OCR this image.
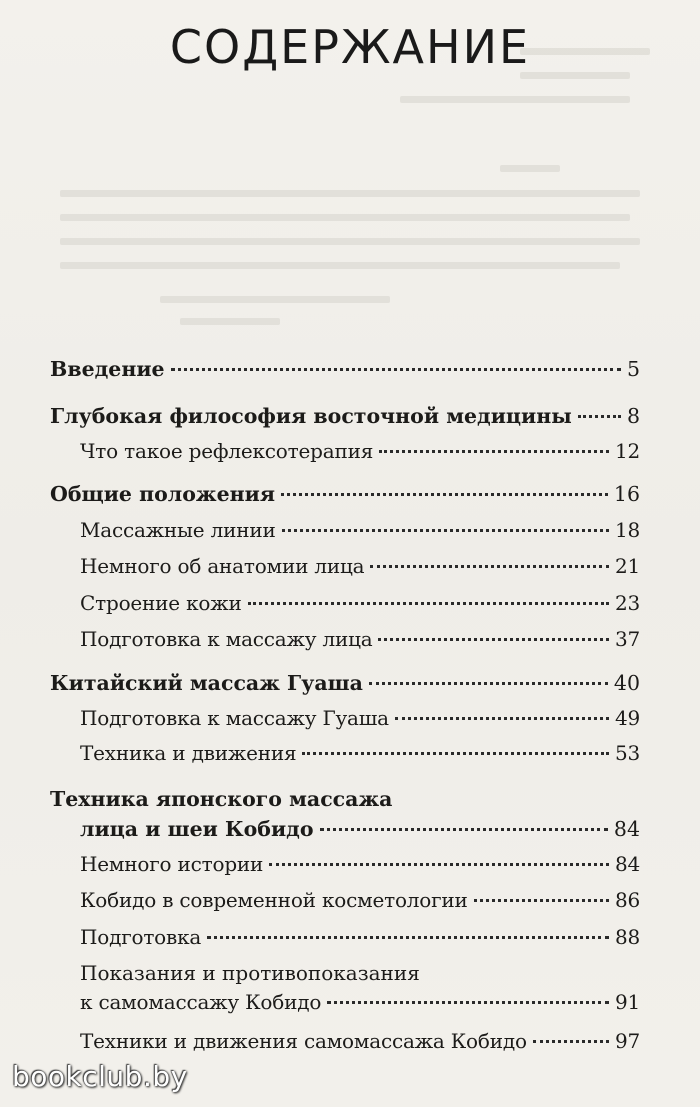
СОДЕРЖАНИЕ
Введение	5
Глубокая философия восточной медицины	8
Что такое рефлексотерапия	12
Общие положения	16
Массажные линии	18
Немного об анатомии лица	21
Строение кожи	23
Подготовка к массажу лица	37
Китайский массаж Гуаша	40
Подготовка к массажу Гуаша	49
Техника и движения	53
Техника японского массажа
лица и шеи Кобидо	84
Немного истории	84
Кобидо в современной косметологии	86
Подготовка	88
Показания и противопоказания
к самомассажу Кобидо	91
Техники и движения самомассажа Кобидо	97
bookclub.by
